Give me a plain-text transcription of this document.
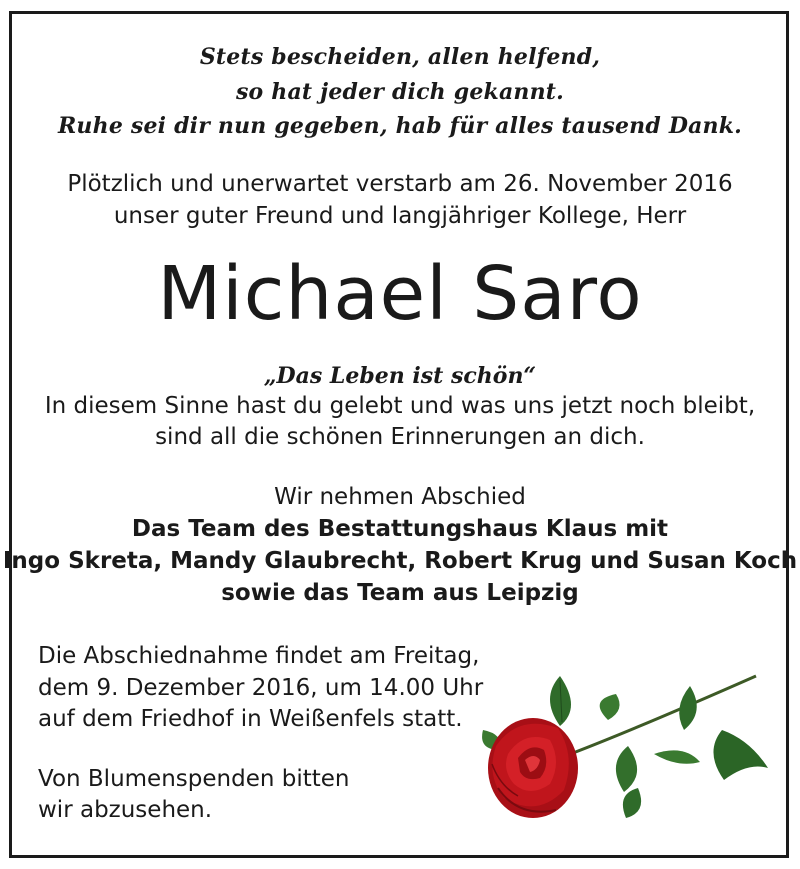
Stets bescheiden, allen helfend,
so hat jeder dich gekannt.
Ruhe sei dir nun gegeben, hab für alles tausend Dank.
Plötzlich und unerwartet verstarb am 26. November 2016
unser guter Freund und langjähriger Kollege, Herr
Michael Saro
„Das Leben ist schön“
In diesem Sinne hast du gelebt und was uns jetzt noch bleibt,
sind all die schönen Erinnerungen an dich.
Wir nehmen Abschied
Das Team des Bestattungshaus Klaus mit
Ingo Skreta, Mandy Glaubrecht, Robert Krug und Susan Koch
sowie das Team aus Leipzig
Die Abschiednahme findet am Freitag,
dem 9. Dezember 2016, um 14.00 Uhr
auf dem Friedhof in Weißenfels statt.
Von Blumenspenden bitten
wir abzusehen.
